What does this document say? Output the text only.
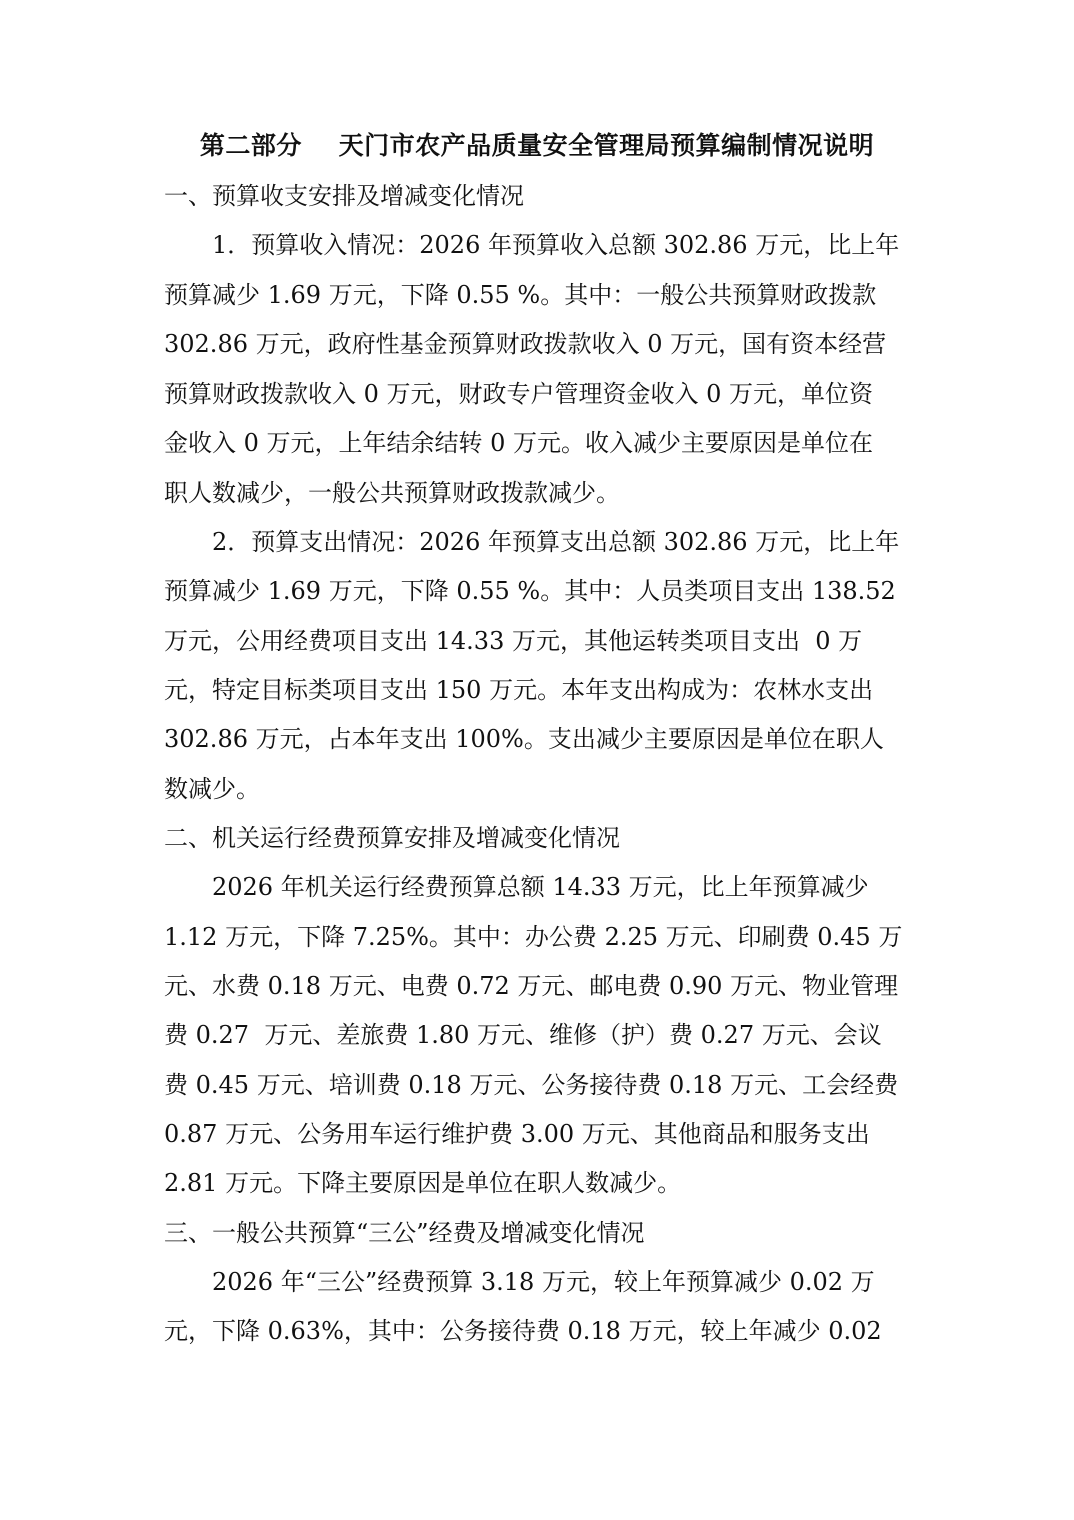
第二部分    天门市农产品质量安全管理局预算编制情况说明
一、预算收支安排及增减变化情况
1．预算收入情况：2026 年预算收入总额 302.86 万元，比上年
预算减少 1.69 万元，下降 0.55 %。其中：一般公共预算财政拨款
302.86 万元，政府性基金预算财政拨款收入 0 万元，国有资本经营
预算财政拨款收入 0 万元，财政专户管理资金收入 0 万元，单位资
金收入 0 万元，上年结余结转 0 万元。收入减少主要原因是单位在
职人数减少，一般公共预算财政拨款减少。
2．预算支出情况：2026 年预算支出总额 302.86 万元，比上年
预算减少 1.69 万元，下降 0.55 %。其中：人员类项目支出 138.52
万元，公用经费项目支出 14.33 万元，其他运转类项目支出  0 万
元，特定目标类项目支出 150 万元。本年支出构成为：农林水支出
302.86 万元，占本年支出 100%。支出减少主要原因是单位在职人
数减少。
二、机关运行经费预算安排及增减变化情况
2026 年机关运行经费预算总额 14.33 万元，比上年预算减少
1.12 万元，下降 7.25%。其中：办公费 2.25 万元、印刷费 0.45 万
元、水费 0.18 万元、电费 0.72 万元、邮电费 0.90 万元、物业管理
费 0.27  万元、差旅费 1.80 万元、维修（护）费 0.27 万元、会议
费 0.45 万元、培训费 0.18 万元、公务接待费 0.18 万元、工会经费
0.87 万元、公务用车运行维护费 3.00 万元、其他商品和服务支出
2.81 万元。下降主要原因是单位在职人数减少。
三、一般公共预算“三公”经费及增减变化情况
2026 年“三公”经费预算 3.18 万元，较上年预算减少 0.02 万
元，下降 0.63%，其中：公务接待费 0.18 万元，较上年减少 0.02
